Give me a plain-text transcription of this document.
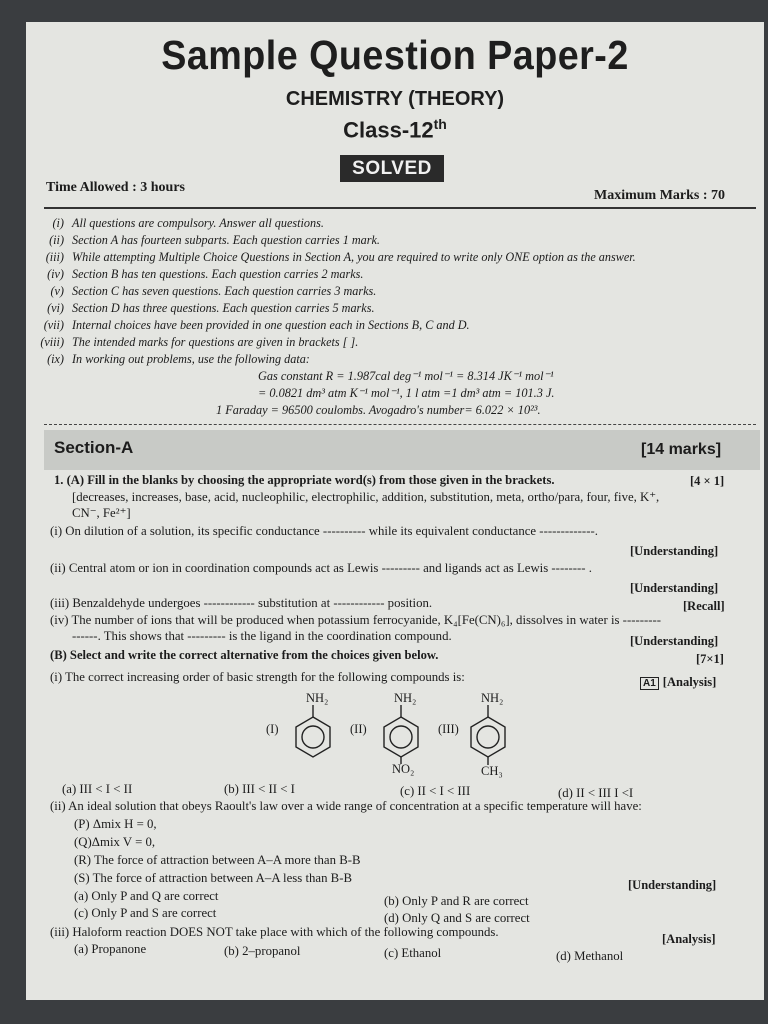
Sample Question Paper-2
CHEMISTRY (THEORY)
Class-12th
SOLVED
Time Allowed : 3 hours
Maximum Marks : 70
(i) All questions are compulsory. Answer all questions.
(ii) Section A has fourteen subparts. Each question carries 1 mark.
(iii) While attempting Multiple Choice Questions in Section A, you are required to write only ONE option as the answer.
(iv) Section B has ten questions. Each question carries 2 marks.
(v) Section C has seven questions. Each question carries 3 marks.
(vi) Section D has three questions. Each question carries 5 marks.
(vii) Internal choices have been provided in one question each in Sections B, C and D.
(viii) The intended marks for questions are given in brackets [ ].
(ix) In working out problems, use the following data:
Gas constant R = 1.987cal deg⁻¹ mol⁻¹ = 8.314 JK⁻¹ mol⁻¹
= 0.0821 dm³ atm K⁻¹ mol⁻¹, 1 l atm =1 dm³ atm = 101.3 J.
1 Faraday = 96500 coulombs. Avogadro's number= 6.022 × 10²³.
Section-A	[14 marks]
1. (A) Fill in the blanks by choosing the appropriate word(s) from those given in the brackets.	[4 × 1]
[decreases, increases, base, acid, nucleophilic, electrophilic, addition, substitution, meta, ortho/para, four, five, K⁺,
CN⁻, Fe²⁺]
(i) On dilution of a solution, its specific conductance ---------- while its equivalent conductance -------------.
[Understanding]
(ii) Central atom or ion in coordination compounds act as Lewis --------- and ligands act as Lewis -------- .
[Understanding]
(iii) Benzaldehyde undergoes ------------ substitution at ------------ position.	[Recall]
(iv) The number of ions that will be produced when potassium ferrocyanide, K₄[Fe(CN)₆], dissolves in water is ---------
------. This shows that --------- is the ligand in the coordination compound.	[Understanding]
(B) Select and write the correct alternative from the choices given below.	[7×1]
(i) The correct increasing order of basic strength for the following compounds is:	A1 [Analysis]
(I)	(II)	(III)
NH₂	NH₂	NH₂
NO₂	CH₃
(a) III < I < II	(b) III < II < I	(c) II < I < III	(d) II < III I <I
(ii) An ideal solution that obeys Raoult's law over a wide range of concentration at a specific temperature will have:
(P) Δmix H = 0,
(Q)Δmix V = 0,
(R) The force of attraction between A–A more than B-B
(S) The force of attraction between A–A less than B-B	[Understanding]
(a) Only P and Q are correct	(b) Only P and R are correct
(c) Only P and S are correct	(d) Only Q and S are correct
(iii) Haloform reaction DOES NOT take place with which of the following compounds.	[Analysis]
(a) Propanone	(b) 2–propanol	(c) Ethanol	(d) Methanol
